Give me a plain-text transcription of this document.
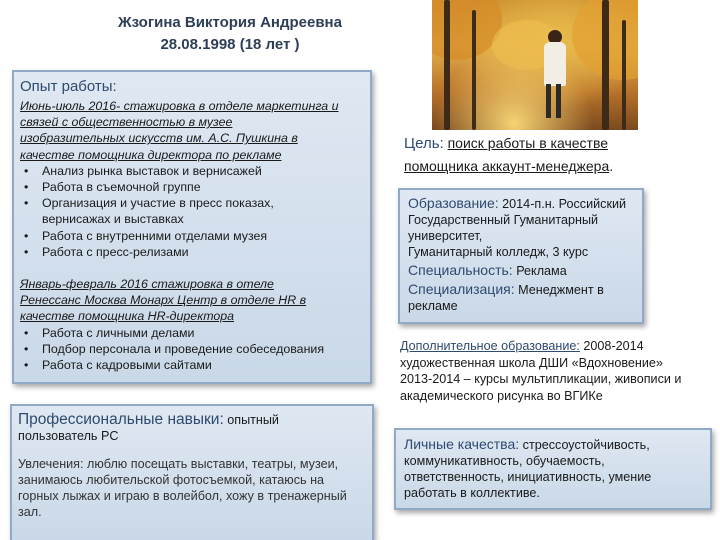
Жзогина Виктория Андреевна
28.08.1998 (18 лет )
Опыт работы:
Июнь-июль 2016- стажировка в отделе маркетинга и
связей с общественностью в музее
изобразительных искусств им. А.С. Пушкина в
качестве помощника директора по рекламе
• Анализ рынка выставок и вернисажей
• Работа в съемочной группе
• Организация и участие в пресс показах, вернисажах и выставках
• Работа с внутренними отделами музея
• Работа с пресс-релизами
Январь-февраль 2016 стажировка в отеле
Ренессанс Москва Монарх Центр в отделе HR в
качестве помощника HR-директора
• Работа с личными делами
• Подбор персонала и проведение собеседования
• Работа с кадровыми сайтами
Профессиональные навыки: опытный
пользователь PC
Увлечения: люблю посещать выставки, театры, музеи, занимаюсь любительской фотосъемкой, катаюсь на горных лыжах и играю в волейбол, хожу в тренажерный зал.
Цель: поиск работы в качестве
помощника аккаунт-менеджера.
Образование: 2014-п.н. Российский
Государственный Гуманитарный
университет,
Гуманитарный колледж, 3 курс
Специальность: Реклама
Специализация: Менеджмент в
рекламе
Дополнительное образование: 2008-2014
художественная школа ДШИ «Вдохновение»
2013-2014 – курсы мультипликации, живописи и
академического рисунка во ВГИКе
Личные качества: стрессоустойчивость,
коммуникативность, обучаемость,
ответственность, инициативность, умение
работать в коллективе.
